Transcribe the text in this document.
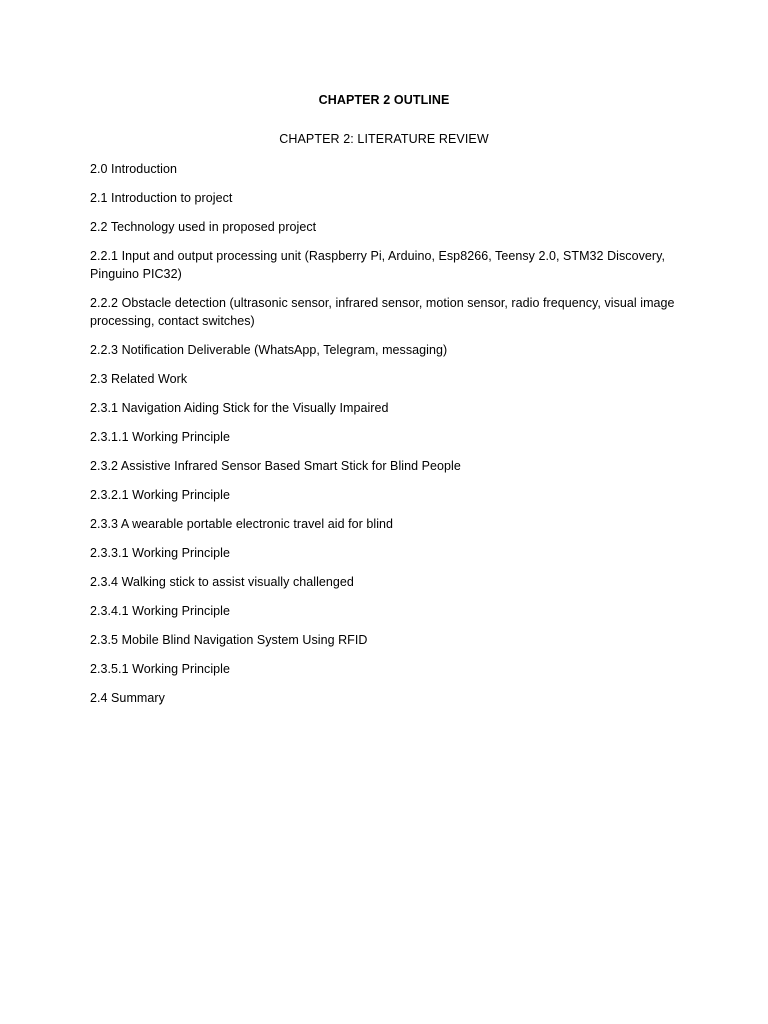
CHAPTER 2 OUTLINE
CHAPTER 2: LITERATURE REVIEW
2.0 Introduction
2.1 Introduction to project
2.2 Technology used in proposed project
2.2.1 Input and output processing unit (Raspberry Pi, Arduino, Esp8266, Teensy 2.0, STM32 Discovery, Pinguino PIC32)
2.2.2 Obstacle detection (ultrasonic sensor, infrared sensor, motion sensor, radio frequency, visual image processing, contact switches)
2.2.3 Notification Deliverable (WhatsApp, Telegram, messaging)
2.3 Related Work
2.3.1 Navigation Aiding Stick for the Visually Impaired
2.3.1.1 Working Principle
2.3.2 Assistive Infrared Sensor Based Smart Stick for Blind People
2.3.2.1 Working Principle
2.3.3 A wearable portable electronic travel aid for blind
2.3.3.1 Working Principle
2.3.4 Walking stick to assist visually challenged
2.3.4.1 Working Principle
2.3.5 Mobile Blind Navigation System Using RFID
2.3.5.1 Working Principle
2.4 Summary
